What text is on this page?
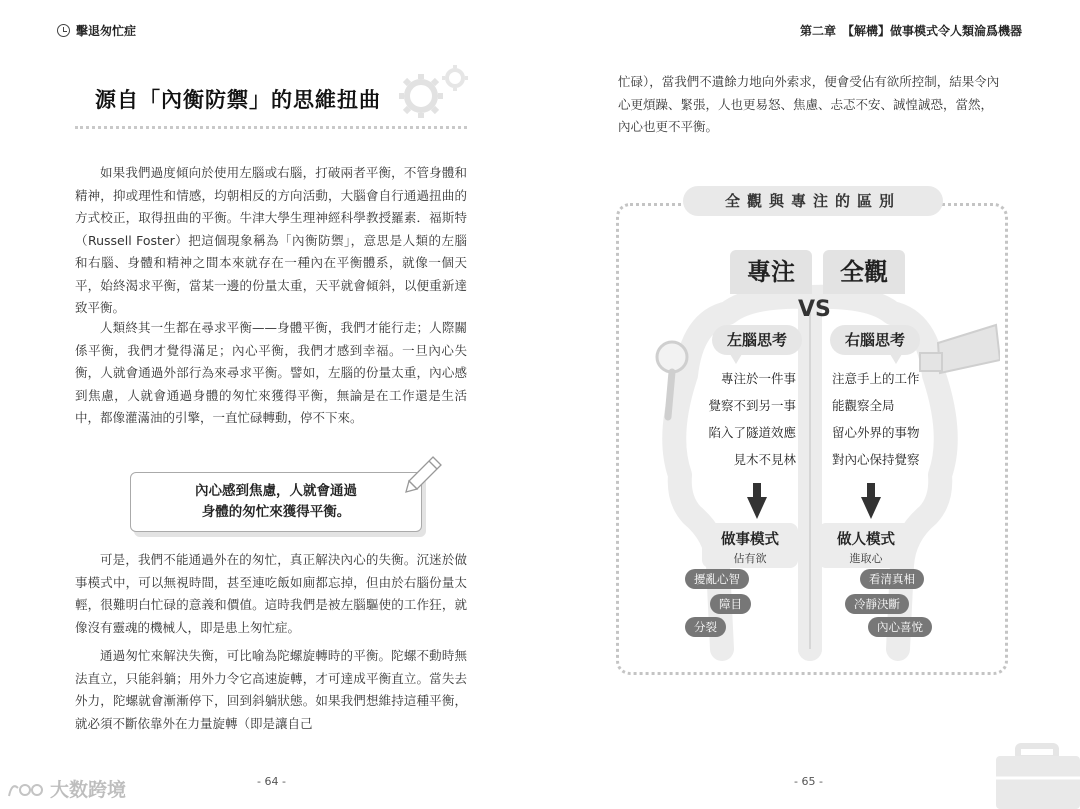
擊退匆忙症
源自「內衡防禦」的思維扭曲

如果我們過度傾向於使用左腦或右腦，打破兩者平衡，不管身體和精神，抑或理性和情感，均朝相反的方向活動，大腦會自行通過扭曲的方式校正，取得扭曲的平衡。牛津大學生理神經科學教授羅素．福斯特（Russell Foster）把這個現象稱為「內衡防禦」，意思是人類的左腦和右腦、身體和精神之間本來就存在一種內在平衡體系，就像一個天平，始終渴求平衡，當某一邊的份量太重，天平就會傾斜，以便重新達致平衡。

人類終其一生都在尋求平衡——身體平衡，我們才能行走；人際關係平衡，我們才覺得滿足；內心平衡，我們才感到幸福。一旦內心失衡，人就會通過外部行為來尋求平衡。譬如，左腦的份量太重，內心感到焦慮，人就會通過身體的匆忙來獲得平衡，無論是在工作還是生活中，都像灌滿油的引擎，一直忙碌轉動，停不下來。

內心感到焦慮，人就會通過
身體的匆忙來獲得平衡。

可是，我們不能通過外在的匆忙，真正解決內心的失衡。沉迷於做事模式中，可以無視時間，甚至連吃飯如廁都忘掉，但由於右腦份量太輕，很難明白忙碌的意義和價值。這時我們是被左腦驅使的工作狂，就像沒有靈魂的機械人，即是患上匆忙症。

通過匆忙來解決失衡，可比喻為陀螺旋轉時的平衡。陀螺不動時無法直立，只能斜躺；用外力令它高速旋轉，才可達成平衡直立。當失去外力，陀螺就會漸漸停下，回到斜躺狀態。如果我們想維持這種平衡，就必須不斷依靠外在力量旋轉（即是讓自己

- 64 -
大数跨境
第二章　【解構】做事模式令人類淪爲機器
忙碌），當我們不遺餘力地向外索求，便會受佔有欲所控制，結果令內心更煩躁、緊張，人也更易怒、焦慮、忐忑不安、誠惶誠恐，當然，內心也更不平衡。
全觀與專注的區別
專注	全觀
VS
左腦思考	右腦思考
專注於一件事
覺察不到另一事
陷入了隧道效應
見木不見林
注意手上的工作
能觀察全局
留心外界的事物
對內心保持覺察
做事模式
佔有欲
做人模式
進取心
擾亂心智
障目
分裂
看清真相
冷靜決斷
內心喜悅
- 65 -
